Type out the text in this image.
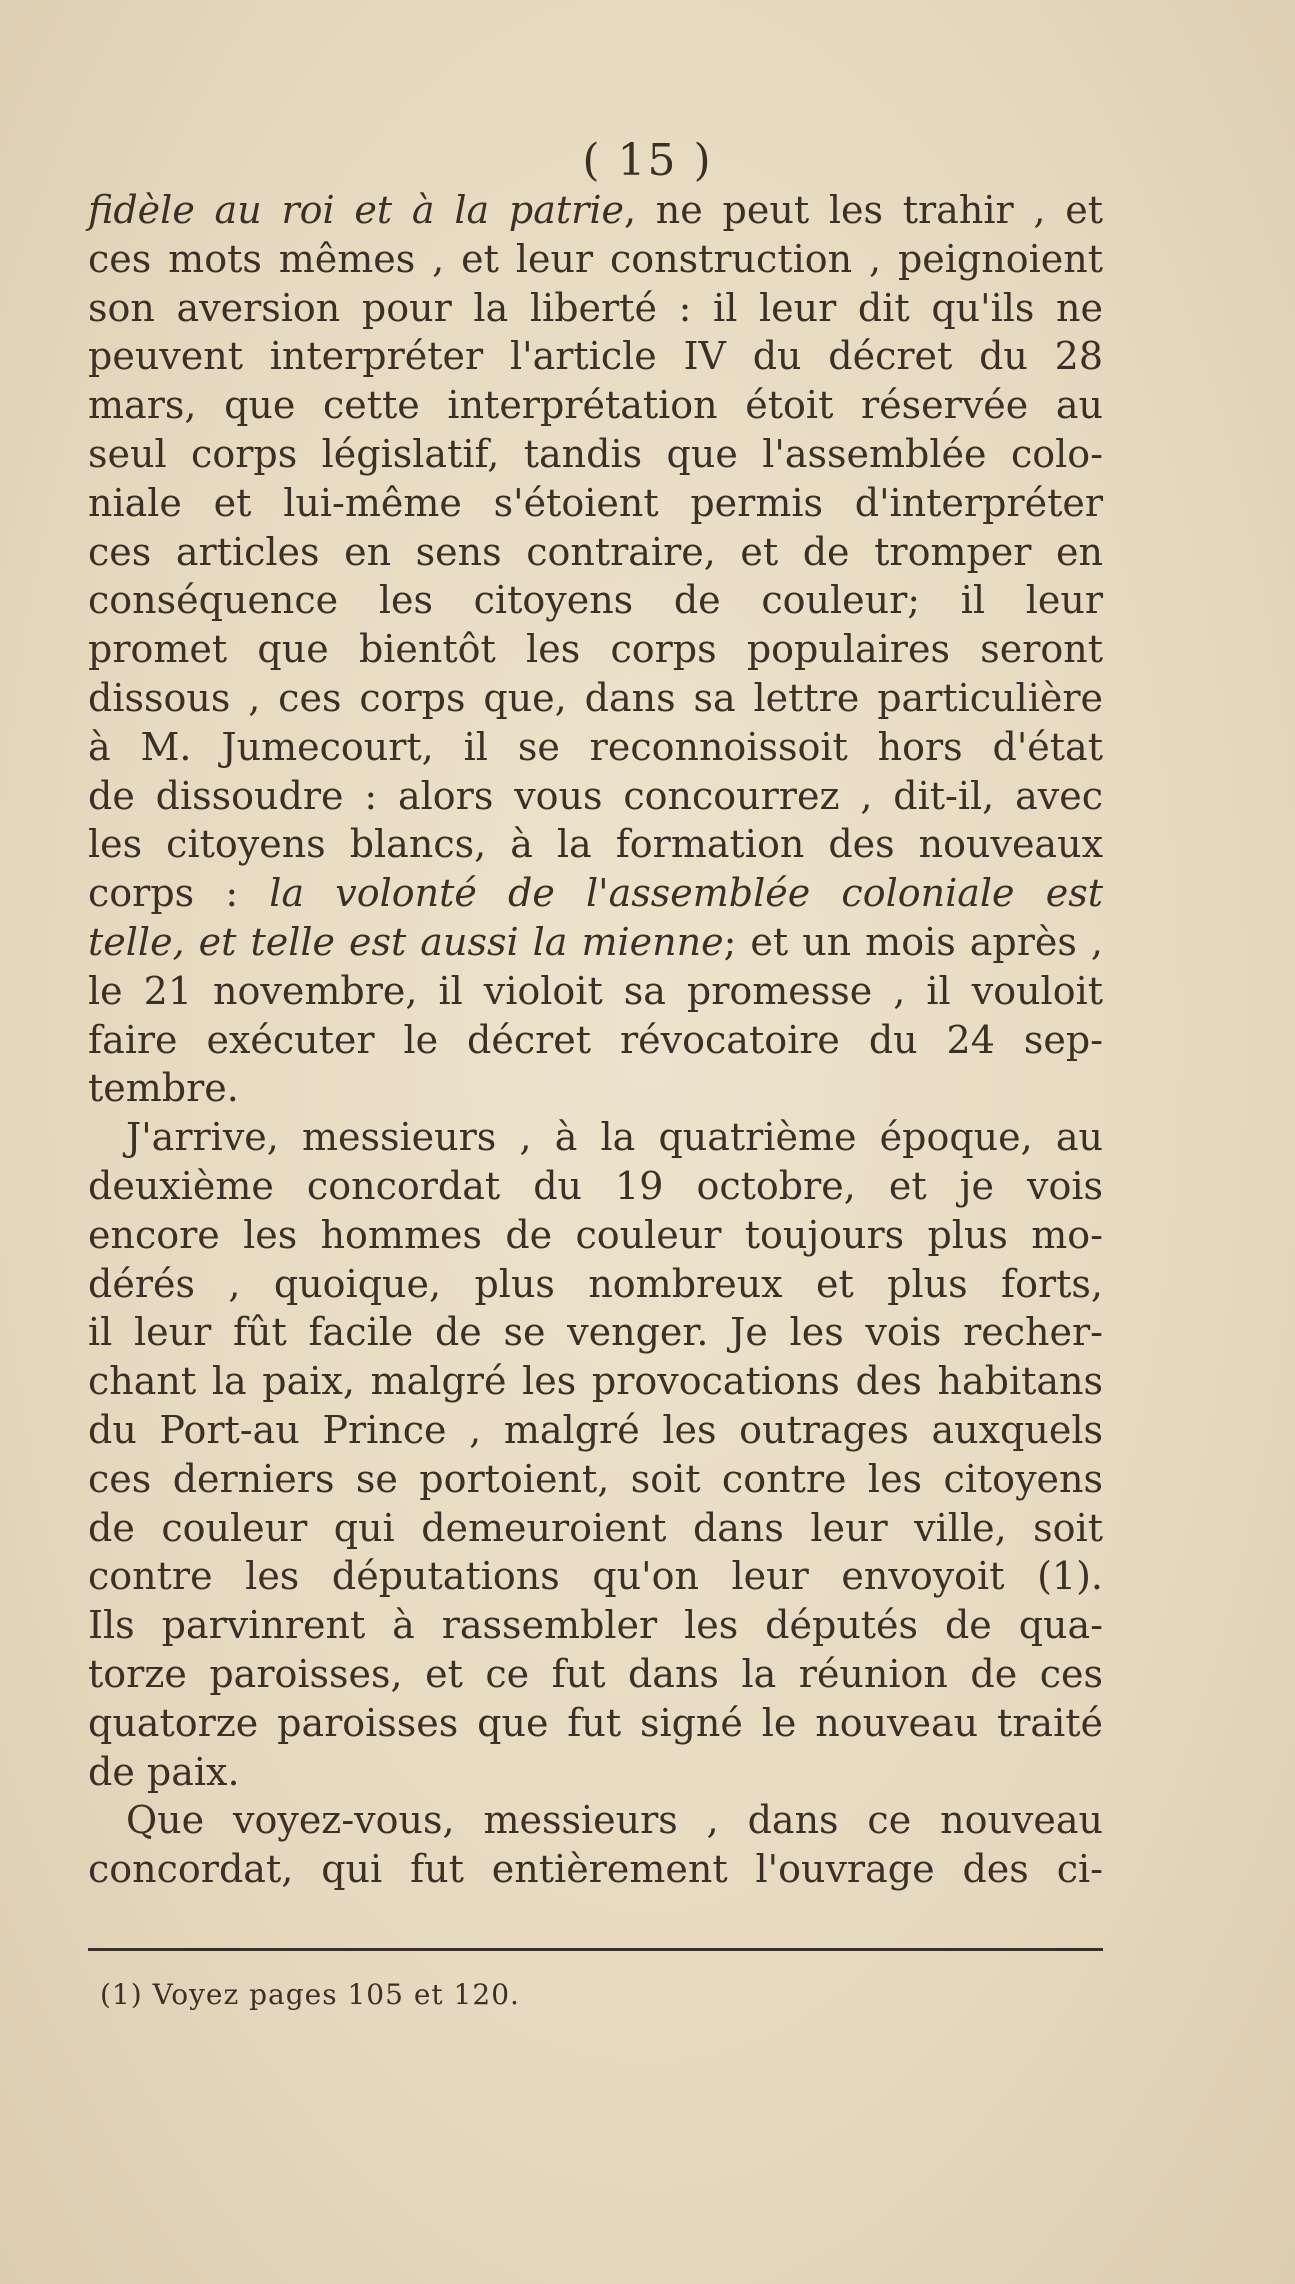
( 15 )
fidèle au roi et à la patrie, ne peut les trahir , et
ces mots mêmes , et leur construction , peignoient
son aversion pour la liberté : il leur dit qu'ils ne
peuvent interpréter l'article IV du décret du 28
mars, que cette interprétation étoit réservée au
seul corps législatif, tandis que l'assemblée colo-
niale et lui-même s'étoient permis d'interpréter
ces articles en sens contraire, et de tromper en
conséquence les citoyens de couleur; il leur
promet que bientôt les corps populaires seront
dissous , ces corps que, dans sa lettre particulière
à M. Jumecourt, il se reconnoissoit hors d'état
de dissoudre : alors vous concourrez , dit-il, avec
les citoyens blancs, à la formation des nouveaux
corps : la volonté de l'assemblée coloniale est
telle, et telle est aussi la mienne; et un mois après ,
le 21 novembre, il violoit sa promesse , il vouloit
faire exécuter le décret révocatoire du 24 sep-
tembre.
J'arrive, messieurs , à la quatrième époque, au
deuxième concordat du 19 octobre, et je vois
encore les hommes de couleur toujours plus mo-
dérés , quoique, plus nombreux et plus forts,
il leur fût facile de se venger. Je les vois recher-
chant la paix, malgré les provocations des habitans
du Port-au Prince , malgré les outrages auxquels
ces derniers se portoient, soit contre les citoyens
de couleur qui demeuroient dans leur ville, soit
contre les députations qu'on leur envoyoit (1).
Ils parvinrent à rassembler les députés de qua-
torze paroisses, et ce fut dans la réunion de ces
quatorze paroisses que fut signé le nouveau traité
de paix.
Que voyez-vous, messieurs , dans ce nouveau
concordat, qui fut entièrement l'ouvrage des ci-
(1) Voyez pages 105 et 120.
